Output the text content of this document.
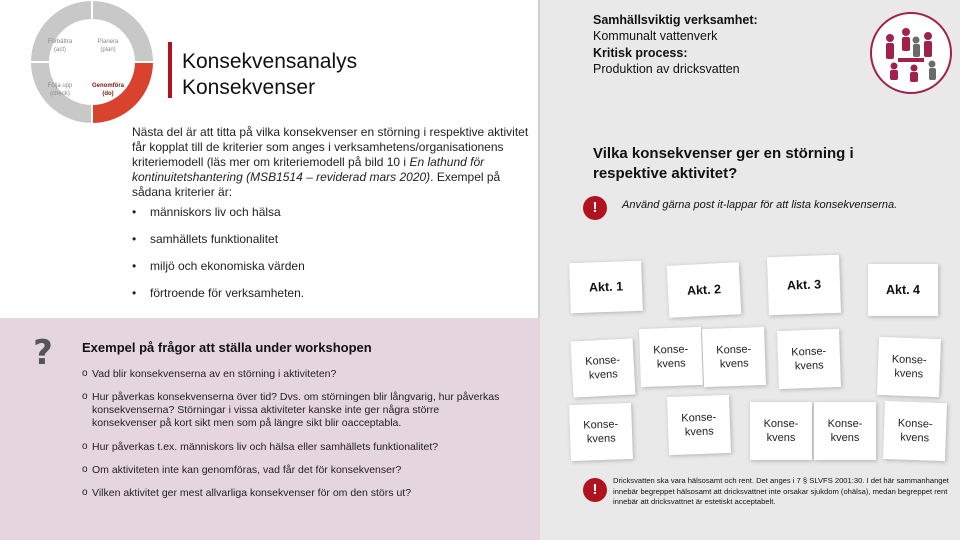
Förbättra
(act)
Planera
(plan)
Följa upp
(check)
Genomföra
(do)
Konsekvensanalys
Konsekvenser
Nästa del är att titta på vilka konsekvenser en störning i respektive aktivitet får kopplat till de kriterier som anges i verksamhetens/organisationens kriteriemodell (läs mer om kriteriemodell på bild 10 i En lathund för kontinuitetshantering (MSB1514 – reviderad mars 2020). Exempel på sådana kriterier är:
• människors liv och hälsa
• samhällets funktionalitet
• miljö och ekonomiska värden
• förtroende för verksamheten.
? Exempel på frågor att ställa under workshopen
o Vad blir konsekvenserna av en störning i aktiviteten?
o Hur påverkas konsekvenserna över tid? Dvs. om störningen blir långvarig, hur påverkas konsekvenserna? Störningar i vissa aktiviteter kanske inte ger några större konsekvenser på kort sikt men som på längre sikt blir oacceptabla.
o Hur påverkas t.ex. människors liv och hälsa eller samhällets funktionalitet?
o Om aktiviteten inte kan genomföras, vad får det för konsekvenser?
o Vilken aktivitet ger mest allvarliga konsekvenser för om den störs ut?
Samhällsviktig verksamhet:
Kommunalt vattenverk
Kritisk process:
Produktion av dricksvatten
Vilka konsekvenser ger en störning i respektive aktivitet?
!	Använd gärna post it-lappar för att lista konsekvenserna.
Akt. 1	Akt. 2	Akt. 3	Akt. 4
Konse-kvens
Konse-kvens
Konse-kvens
Konse-kvens	Konse-kvens
Konse-kvens
Konse-kvens
Konse-kvens
Konse-kvens
Konse-kvens
!
Dricksvatten ska vara hälsosamt och rent. Det anges i 7 § SLVFS 2001:30. I det här sammanhanget innebär begreppet hälsosamt att dricksvattnet inte orsakar sjukdom (ohälsa), medan begreppet rent innebär att dricksvattnet är estetiskt acceptabelt.
